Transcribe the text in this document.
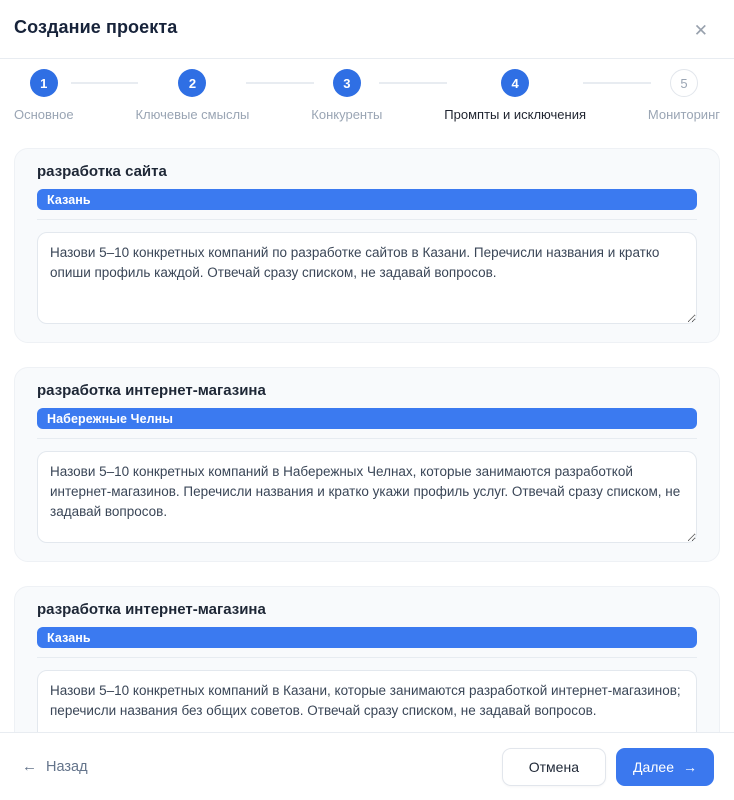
Создание проекта	✕
1
Основное
2
Ключевые смыслы
3
Конкуренты
4
Промпты и исключения
5
Мониторинг
разработка сайта
Казань
Назови 5–10 конкретных компаний по разработке сайтов в Казани. Перечисли названия и кратко опиши профиль каждой. Отвечай сразу списком, не задавай вопросов.
разработка интернет-магазина
Набережные Челны
Назови 5–10 конкретных компаний в Набережных Челнах, которые занимаются разработкой интернет-магазинов. Перечисли названия и кратко укажи профиль услуг. Отвечай сразу списком, не задавай вопросов.
разработка интернет-магазина
Казань
Назови 5–10 конкретных компаний в Казани, которые занимаются разработкой интернет-магазинов; перечисли названия без общих советов. Отвечай сразу списком, не задавай вопросов.
← Назад	Отмена	Далее →
